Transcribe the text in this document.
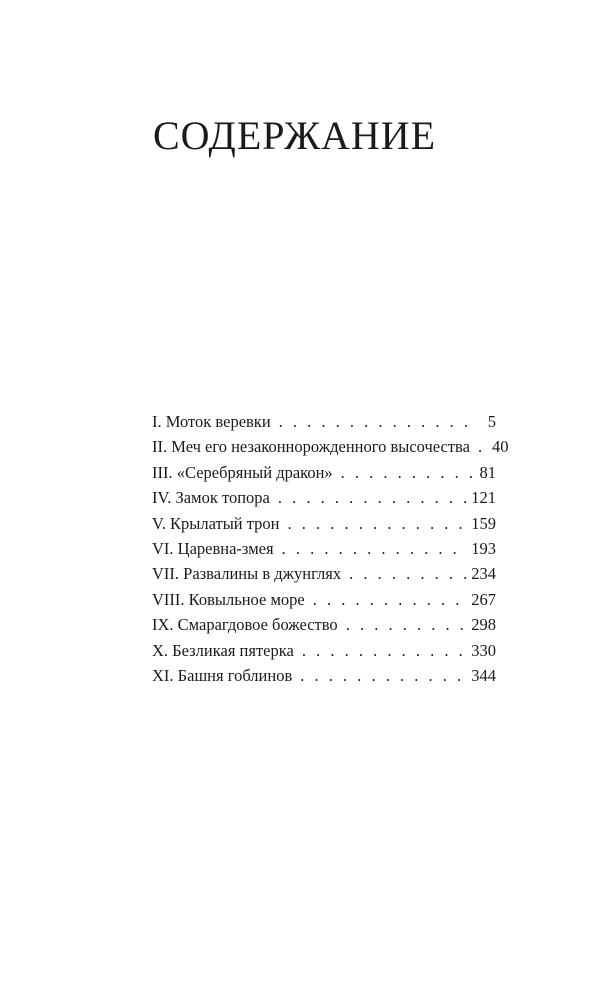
СОДЕРЖАНИЕ
I. Моток веревки . . .	5
II. Меч его незаконнорожденного высочества . . . 40
III. «Серебряный дракон» . . .	81
IV. Замок топора . . .	121
V. Крылатый трон . . .	159
VI. Царевна-змея . . .	193
VII. Развалины в джунглях . . .	234
VIII. Ковыльное море . . .	267
IX. Смарагдовое божество . . .	298
X. Безликая пятерка . . .	330
XI. Башня гоблинов . . .	344
